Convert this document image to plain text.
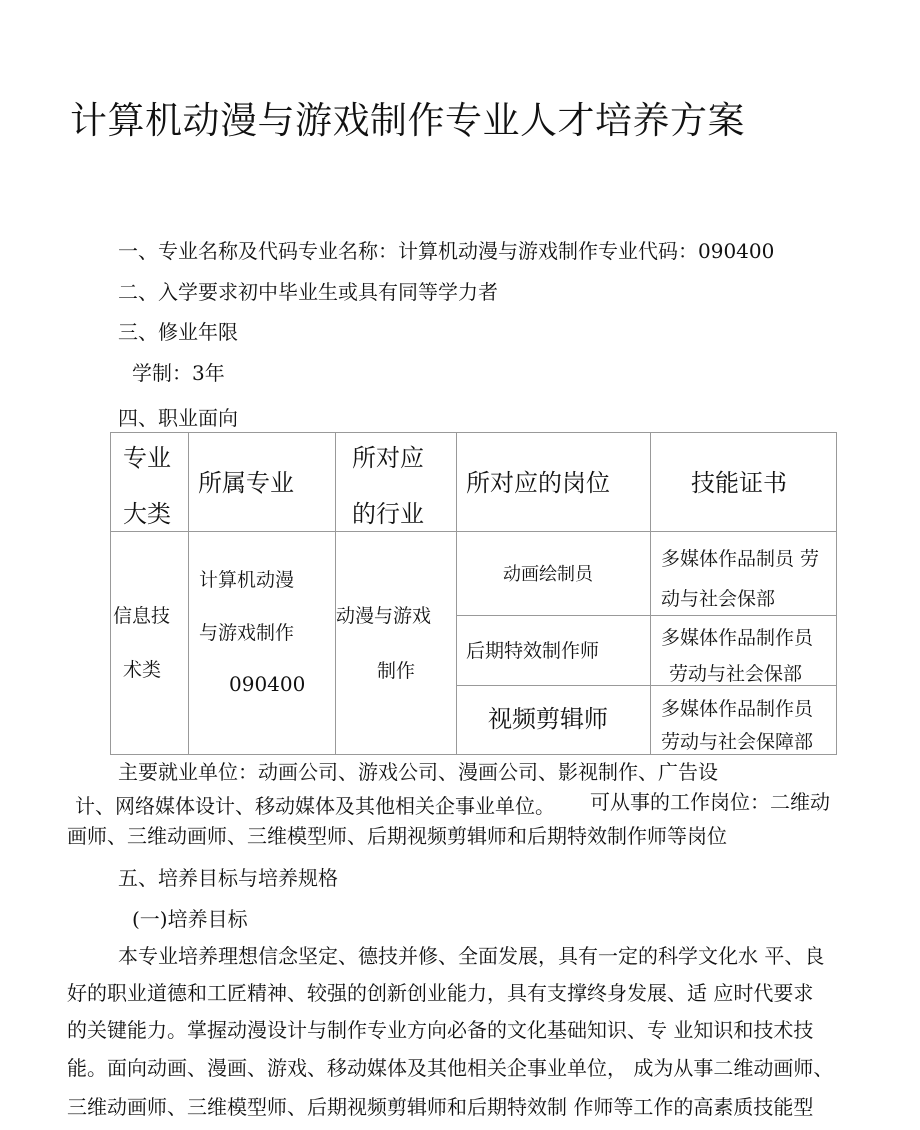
计算机动漫与游戏制作专业人才培养方案
一、专业名称及代码专业名称：计算机动漫与游戏制作专业代码：090400
二、入学要求初中毕业生或具有同等学力者
三、修业年限
学制：3年
四、职业面向
专业
大类
所属专业
所对应
的行业
所对应的岗位	技能证书
信息技
术类
计算机动漫
与游戏制作
090400
动漫与游戏
制作
动画绘制员
多媒体作品制员 劳
动与社会保部
后期特效制作师
多媒体作品制作员
劳动与社会保部
视频剪辑师	多媒体作品制作员
劳动与社会保障部
主要就业单位：动画公司、游戏公司、漫画公司、影视制作、广告设
计、网络媒体设计、移动媒体及其他相关企事业单位。 可从事的工作岗位：二维动
画师、三维动画师、三维模型师、后期视频剪辑师和后期特效制作师等岗位
五、培养目标与培养规格
(一)培养目标
本专业培养理想信念坚定、德技并修、全面发展，具有一定的科学文化水 平、良
好的职业道德和工匠精神、较强的创新创业能力，具有支撑终身发展、适 应时代要求
的关键能力。掌握动漫设计与制作专业方向必备的文化基础知识、专 业知识和技术技
能。面向动画、漫画、游戏、移动媒体及其他相关企事业单位， 成为从事二维动画师、
三维动画师、三维模型师、后期视频剪辑师和后期特效制 作师等工作的高素质技能型
